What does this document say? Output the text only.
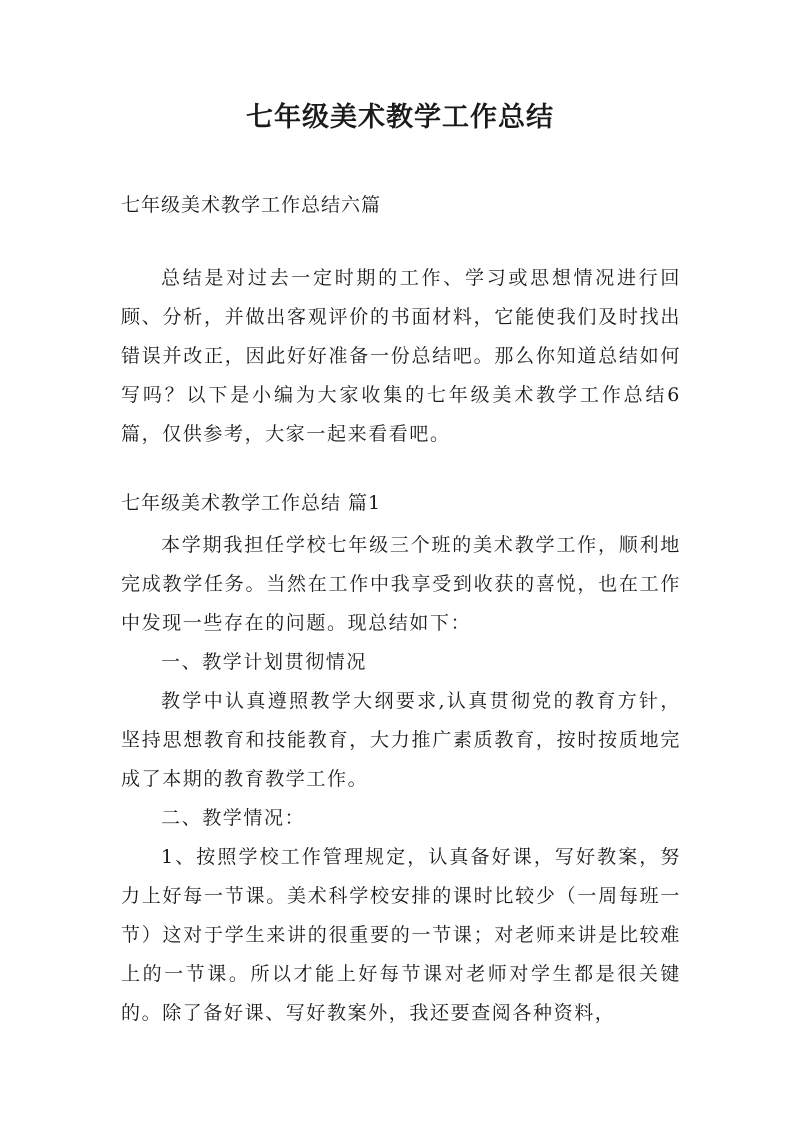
七年级美术教学工作总结

七年级美术教学工作总结六篇

总结是对过去一定时期的工作、学习或思想情况进行回顾、分析，并做出客观评价的书面材料，它能使我们及时找出错误并改正，因此好好准备一份总结吧。那么你知道总结如何写吗？以下是小编为大家收集的七年级美术教学工作总结6篇，仅供参考，大家一起来看看吧。

七年级美术教学工作总结 篇1

本学期我担任学校七年级三个班的美术教学工作，顺利地完成教学任务。当然在工作中我享受到收获的喜悦，也在工作中发现一些存在的问题。现总结如下：

一、教学计划贯彻情况

教学中认真遵照教学大纲要求,认真贯彻党的教育方针，坚持思想教育和技能教育，大力推广素质教育，按时按质地完成了本期的教育教学工作。

二、教学情况：

1、按照学校工作管理规定，认真备好课，写好教案，努力上好每一节课。美术科学校安排的课时比较少（一周每班一节）这对于学生来讲的很重要的一节课；对老师来讲是比较难上的一节课。所以才能上好每节课对老师对学生都是很关键的。除了备好课、写好教案外，我还要查阅各种资料，
